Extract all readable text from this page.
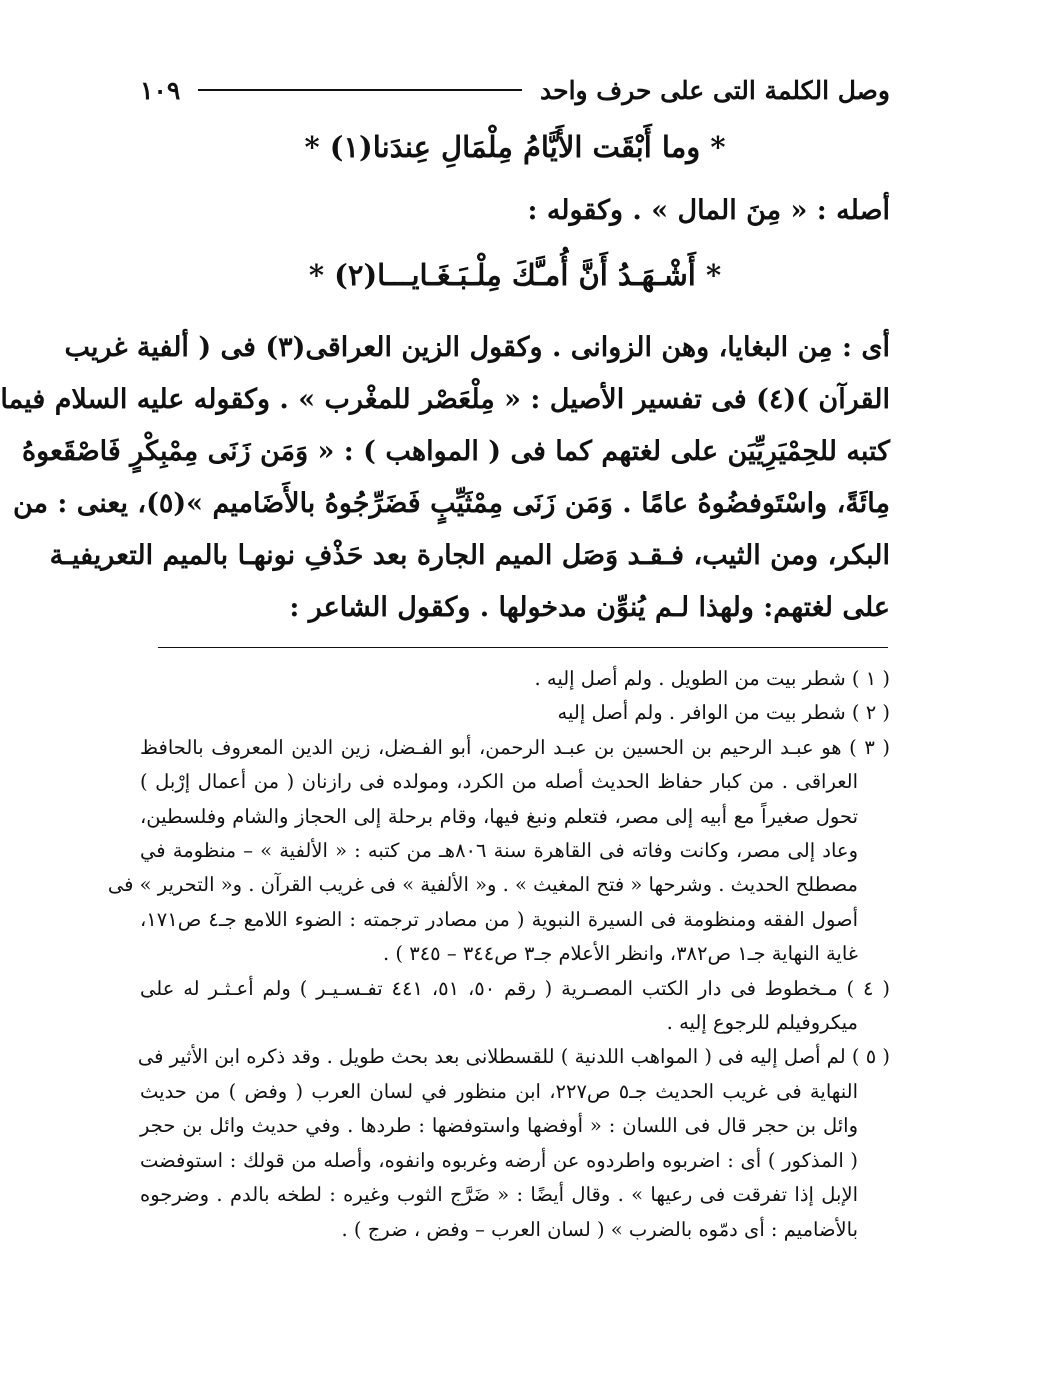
وصل الكلمة التى على حرف واحد
١٠٩
* وما أَبْقَت الأَيَّامُ مِلْمَالِ عِندَنا(١) *
أصله : « مِنَ المال » . وكقوله :
* أَشْـهَـدُ أَنَّ أُمـَّكَ مِلْـبَـغَـايـــا(٢) *
أى : مِن البغايا، وهن الزوانى . وكقول الزين العراقى(٣) فى ( ألفية غريب
القرآن )(٤) فى تفسير الأصيل : « مِلْعَصْر للمغْرب » . وكقوله عليه السلام فيما
كتبه للحِمْيَرِيِّيَن على لغتهم كما فى ( المواهب ) : « وَمَن زَنَى مِمْبِكْرٍ فَاصْقَعوهُ
مِائَةً، واسْتَوفضُوهُ عامًا . وَمَن زَنَى مِمْثَيِّبٍ فَضَرِّجُوهُ بالأَضَاميم »(٥)، يعنى : من
البكر، ومن الثيب، فـقـد وَصَل الميم الجارة بعد حَذْفِ نونهـا بالميم التعريفيـة
على لغتهم: ولهذا لـم يُنوِّن مدخولها . وكقول الشاعر :
( ١ ) شطر بيت من الطويل . ولم أصل إليه .
( ٢ ) شطر بيت من الوافر . ولم أصل إليه
( ٣ ) هو عبـد الرحيم بن الحسين بن عبـد الرحمن، أبو الفـضل، زين الدين المعروف بالحافظ
العراقى . من كبار حفاظ الحديث أصله من الكرد، ومولده فى رازنان ( من أعمال إرْبل )
تحول صغيراً مع أبيه إلى مصر، فتعلم ونبغ فيها، وقام برحلة إلى الحجاز والشام وفلسطين،
وعاد إلى مصر، وكانت وفاته فى القاهرة سنة ٨٠٦هـ من كتبه : « الألفية » – منظومة في
مصطلح الحديث . وشرحها « فتح المغيث » . و« الألفية » فى غريب القرآن . و« التحرير » فى
أصول الفقه ومنظومة فى السيرة النبوية ( من مصادر ترجمته : الضوء اللامع جـ٤ ص١٧١،
غاية النهاية جـ١ ص٣٨٢، وانظر الأعلام جـ٣ ص٣٤٤ – ٣٤٥ ) .
( ٤ ) مـخطوط فى دار الكتب المصـرية ( رقم ٥٠، ٥١، ٤٤١ تفـسـيـر ) ولم أعـثـر له على
ميكروفيلم للرجوع إليه .
( ٥ ) لم أصل إليه فى ( المواهب اللدنية ) للقسطلانى بعد بحث طويل . وقد ذكره ابن الأثير فى
النهاية فى غريب الحديث جـ٥ ص٢٢٧، ابن منظور في لسان العرب ( وفض ) من حديث
وائل بن حجر قال فى اللسان : « أوفضها واستوفضها : طردها . وفي حديث وائل بن حجر
( المذكور ) أى : اضربوه واطردوه عن أرضه وغربوه وانفوه، وأصله من قولك : استوفضت
الإبل إذا تفرقت فى رعيها » . وقال أيضًا : « ضَرَّج الثوب وغيره : لطخه بالدم . وضرجوه
بالأضاميم : أى دمّوه بالضرب » ( لسان العرب – وفض ، ضرج ) .
